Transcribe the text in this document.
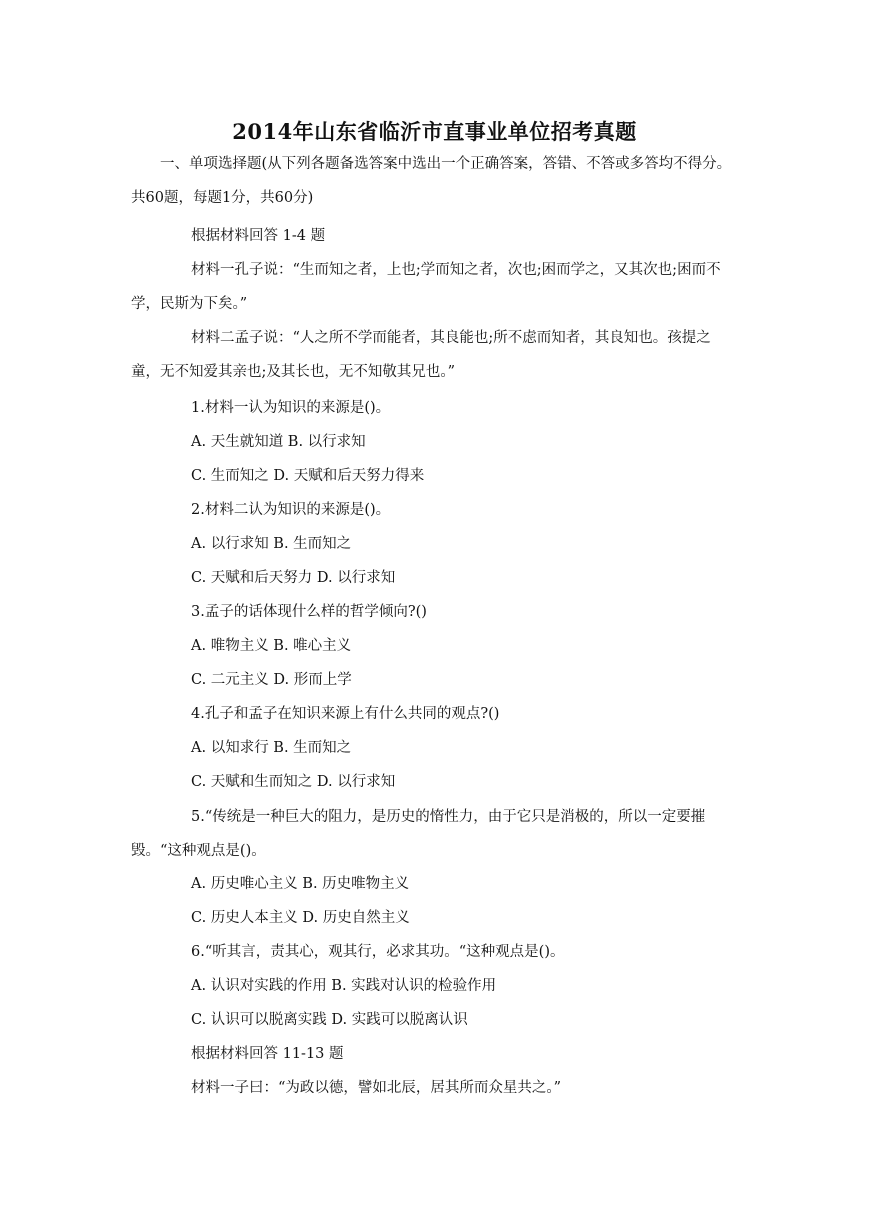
2014年山东省临沂市直事业单位招考真题
一、单项选择题(从下列各题备选答案中选出一个正确答案，答错、不答或多答均不得分。共60题，每题1分，共60分)
根据材料回答 1-4 题
材料一孔子说：“生而知之者，上也;学而知之者，次也;困而学之，又其次也;困而不学，民斯为下矣。”
材料二孟子说：“人之所不学而能者，其良能也;所不虑而知者，其良知也。孩提之童，无不知爱其亲也;及其长也，无不知敬其兄也。”
1.材料一认为知识的来源是()。
A. 天生就知道 B. 以行求知
C. 生而知之 D. 天赋和后天努力得来
2.材料二认为知识的来源是()。
A. 以行求知 B. 生而知之
C. 天赋和后天努力 D. 以行求知
3.孟子的话体现什么样的哲学倾向?()
A. 唯物主义 B. 唯心主义
C. 二元主义 D. 形而上学
4.孔子和孟子在知识来源上有什么共同的观点?()
A. 以知求行 B. 生而知之
C. 天赋和生而知之 D. 以行求知
5.“传统是一种巨大的阻力，是历史的惰性力，由于它只是消极的，所以一定要摧毁。“这种观点是()。
A. 历史唯心主义 B. 历史唯物主义
C. 历史人本主义 D. 历史自然主义
6.“听其言，责其心，观其行，必求其功。“这种观点是()。
A. 认识对实践的作用 B. 实践对认识的检验作用
C. 认识可以脱离实践 D. 实践可以脱离认识
根据材料回答 11-13 题
材料一子曰：“为政以德，譬如北辰，居其所而众星共之。”
